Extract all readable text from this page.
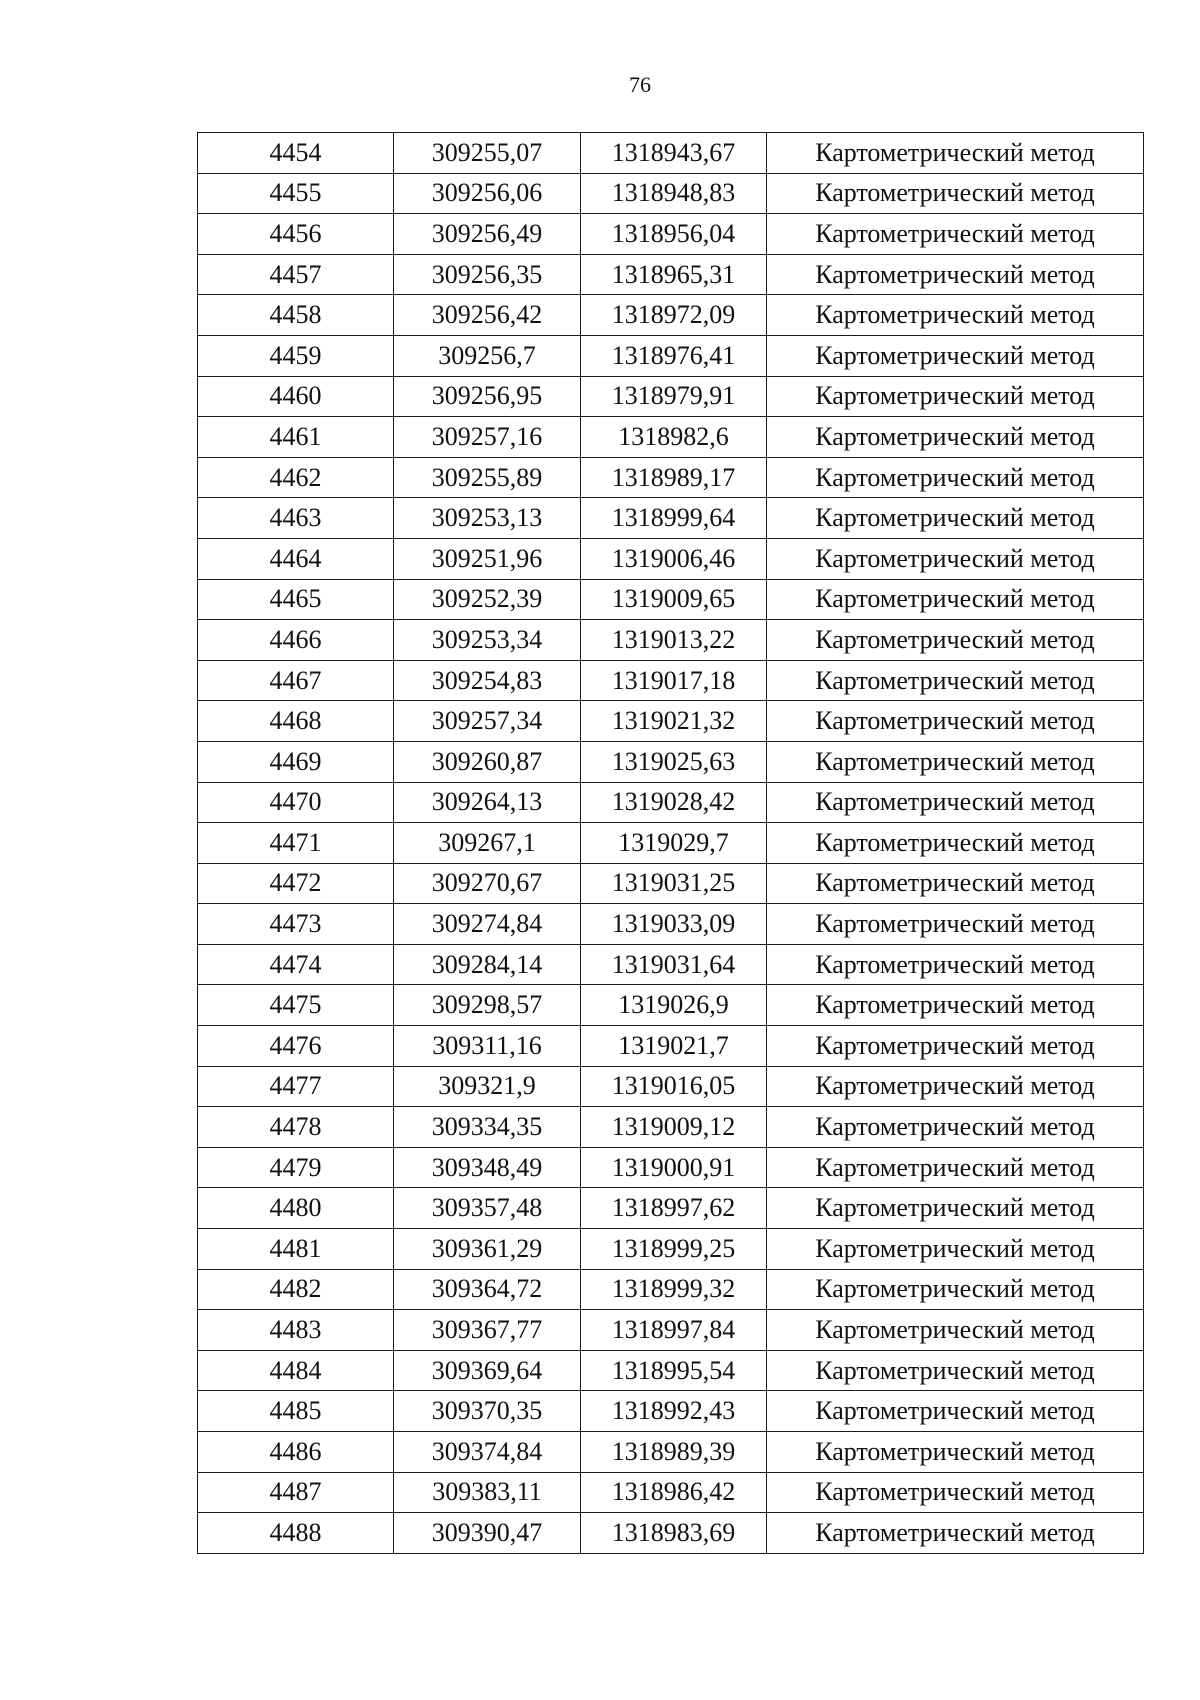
76
4454	309255,07	1318943,67	Картометрический метод
4455	309256,06	1318948,83	Картометрический метод
4456	309256,49	1318956,04	Картометрический метод
4457	309256,35	1318965,31	Картометрический метод
4458	309256,42	1318972,09	Картометрический метод
4459	309256,7	1318976,41	Картометрический метод
4460	309256,95	1318979,91	Картометрический метод
4461	309257,16	1318982,6	Картометрический метод
4462	309255,89	1318989,17	Картометрический метод
4463	309253,13	1318999,64	Картометрический метод
4464	309251,96	1319006,46	Картометрический метод
4465	309252,39	1319009,65	Картометрический метод
4466	309253,34	1319013,22	Картометрический метод
4467	309254,83	1319017,18	Картометрический метод
4468	309257,34	1319021,32	Картометрический метод
4469	309260,87	1319025,63	Картометрический метод
4470	309264,13	1319028,42	Картометрический метод
4471	309267,1	1319029,7	Картометрический метод
4472	309270,67	1319031,25	Картометрический метод
4473	309274,84	1319033,09	Картометрический метод
4474	309284,14	1319031,64	Картометрический метод
4475	309298,57	1319026,9	Картометрический метод
4476	309311,16	1319021,7	Картометрический метод
4477	309321,9	1319016,05	Картометрический метод
4478	309334,35	1319009,12	Картометрический метод
4479	309348,49	1319000,91	Картометрический метод
4480	309357,48	1318997,62	Картометрический метод
4481	309361,29	1318999,25	Картометрический метод
4482	309364,72	1318999,32	Картометрический метод
4483	309367,77	1318997,84	Картометрический метод
4484	309369,64	1318995,54	Картометрический метод
4485	309370,35	1318992,43	Картометрический метод
4486	309374,84	1318989,39	Картометрический метод
4487	309383,11	1318986,42	Картометрический метод
4488	309390,47	1318983,69	Картометрический метод
